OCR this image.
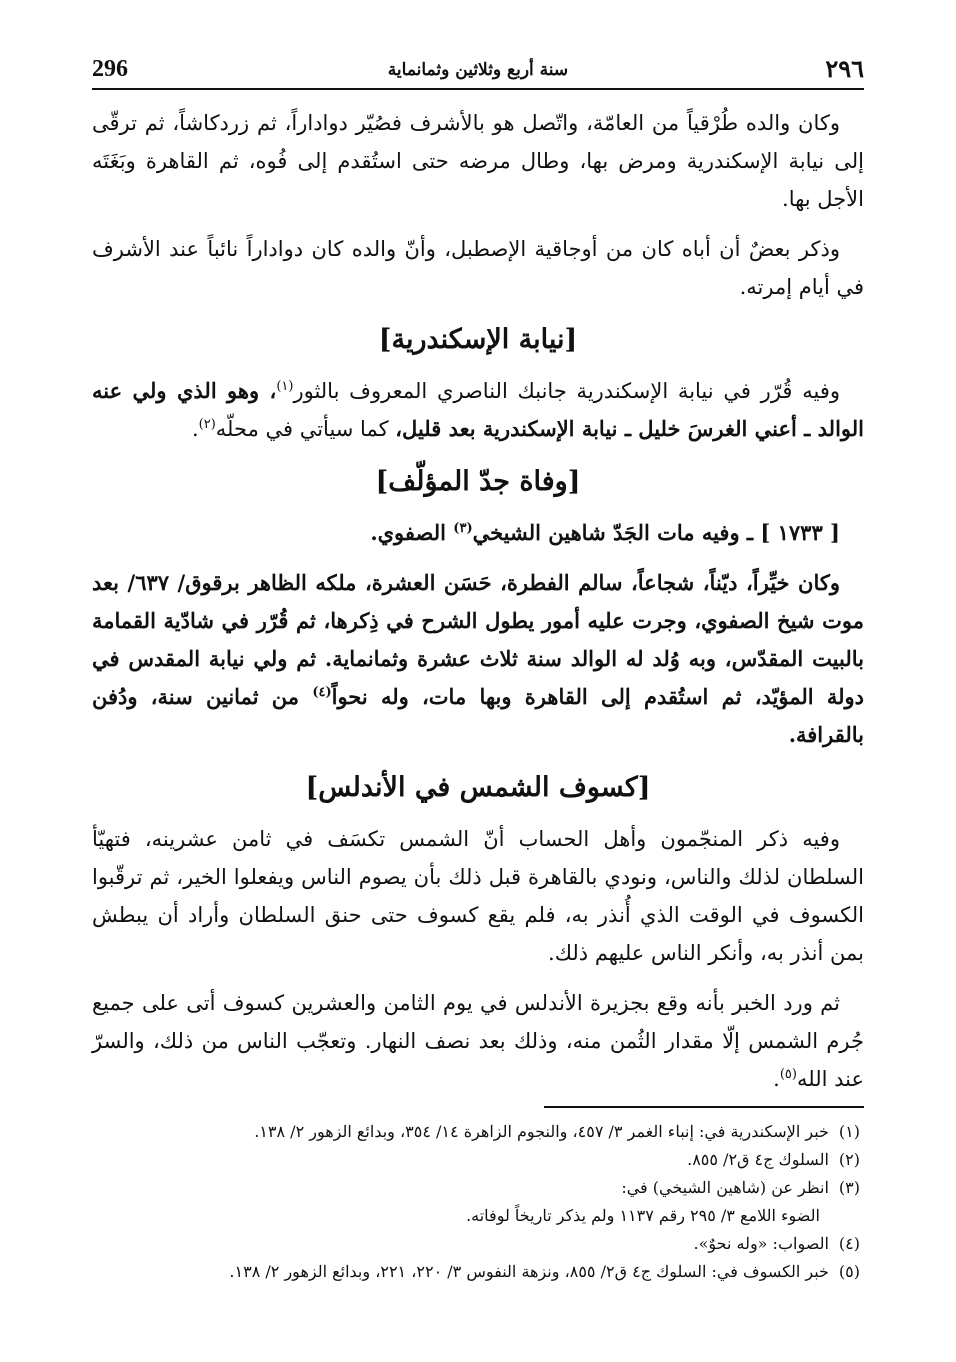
296	سنة أربع وثلاثين وثمانماية	٢٩٦

وكان والده طُرْقياً من العامّة، واتّصل هو بالأشرف فصُيّر دواداراً، ثم زردكاشاً، ثم ترقّى إلى نيابة الإسكندرية ومرض بها، وطال مرضه حتى استُقدم إلى فُوه، ثم القاهرة وبَغَتَه الأجل بها.

وذكر بعضٌ أن أباه كان من أوجاقية الإصطبل، وأنّ والده كان دواداراً نائباً عند الأشرف في أيام إمرته.

[نيابة الإسكندرية]

وفيه قُرّر في نيابة الإسكندرية جانبك الناصري المعروف بالثور$^{(١)}$، وهو الذي ولي عنه الوالد ـ أعني الغرسَ خليل ـ نيابة الإسكندرية بعد قليل، كما سيأتي في محلّه$^{(٢)}$.

[وفاة جدّ المؤلّف]

[ ١٧٣٣ ] ـ وفيه مات الجَدّ شاهين الشيخي$^{(٣)}$ الصفوي.

وكان خيِّراً، ديّناً، شجاعاً، سالم الفطرة، حَسَن العشرة، ملكه الظاهر برقوق/ ٦٣٧/ بعد موت شيخ الصفوي، وجرت عليه أمور يطول الشرح في ذِكرها، ثم قُرّر في شادّية القمامة بالبيت المقدّس، وبه وُلد له الوالد سنة ثلاث عشرة وثمانماية. ثم ولي نيابة المقدس في دولة المؤيّد، ثم استُقدم إلى القاهرة وبها مات، وله نحواً$^{(٤)}$ من ثمانين سنة، ودُفن بالقرافة.

[كسوف الشمس في الأندلس]

وفيه ذكر المنجّمون وأهل الحساب أنّ الشمس تكسَف في ثامن عشرينه، فتهيّأ السلطان لذلك والناس، ونودي بالقاهرة قبل ذلك بأن يصوم الناس ويفعلوا الخير، ثم ترقّبوا الكسوف في الوقت الذي أُنذر به، فلم يقع كسوف حتى حنق السلطان وأراد أن يبطش بمن أنذر به، وأنكر الناس عليهم ذلك.

ثم ورد الخبر بأنه وقع بجزيرة الأندلس في يوم الثامن والعشرين كسوف أتى على جميع جُرم الشمس إلّا مقدار الثُمن منه، وذلك بعد نصف النهار. وتعجّب الناس من ذلك، والسرّ عند الله$^{(٥)}$.

(١)خبر الإسكندرية في: إنباء الغمر ٣/ ٤٥٧، والنجوم الزاهرة ١٤/ ٣٥٤، وبدائع الزهور ٢/ ١٣٨.

(٢)السلوك ج٤ ق٢/ ٨٥٥.

(٣)انظر عن (شاهين الشيخي) في:

الضوء اللامع ٣/ ٢٩٥ رقم ١١٣٧ ولم يذكر تاريخاً لوفاته.

(٤)الصواب: «وله نحوٌ».

(٥)خبر الكسوف في: السلوك ج٤ ق٢/ ٨٥٥، ونزهة النفوس ٣/ ٢٢٠، ٢٢١، وبدائع الزهور ٢/ ١٣٨.
